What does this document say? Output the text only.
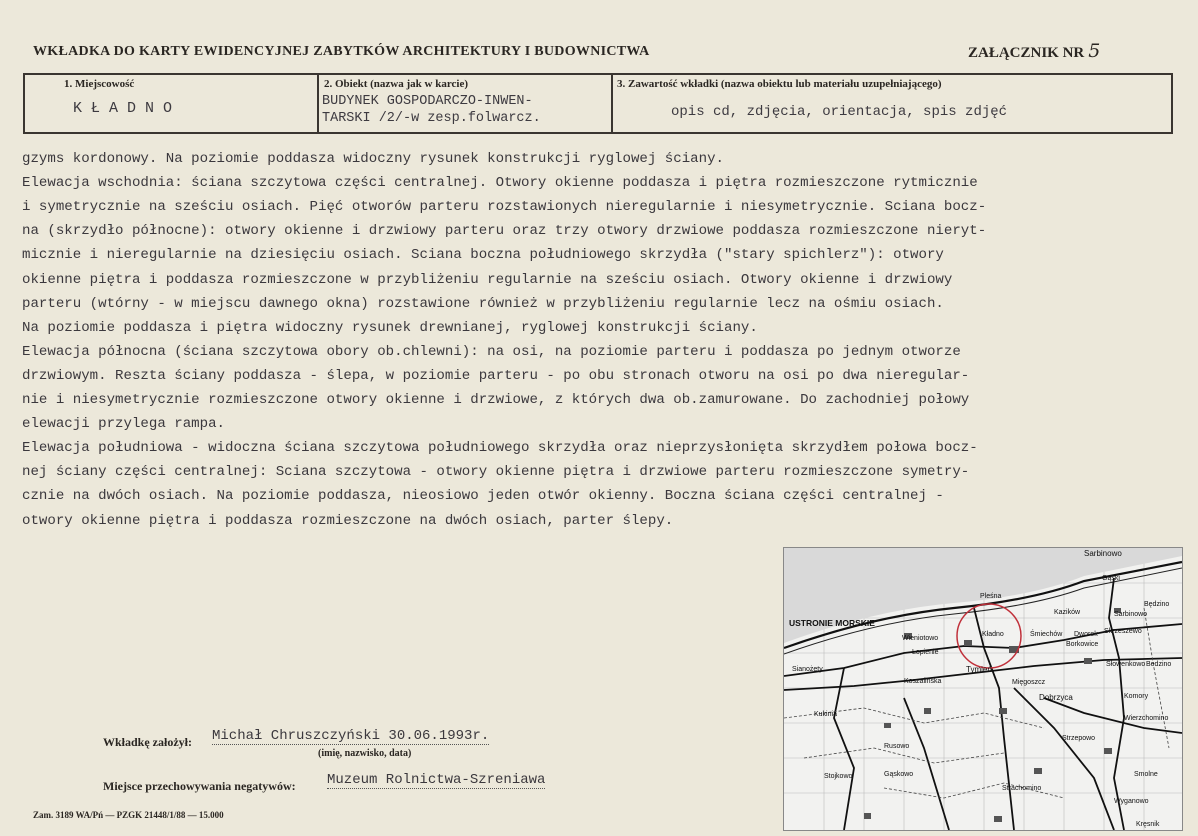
WKŁADKA DO KARTY EWIDENCYJNEJ ZABYTKÓW ARCHITEKTURY I BUDOWNICTWA	ZAŁĄCZNIK NR 5
1. Miejscowość
K Ł A D N O
2. Obiekt (nazwa jak w karcie)
BUDYNEK GOSPODARCZO-INWEN-
TARSKI /2/-w zesp.folwarcz.
3. Zawartość wkładki (nazwa obiektu lub materiału uzupełniającego)
opis cd, zdjęcia, orientacja, spis zdjęć
gzyms kordonowy. Na poziomie poddasza widoczny rysunek konstrukcji ryglowej ściany.
Elewacja wschodnia: ściana szczytowa części centralnej. Otwory okienne poddasza i piętra rozmieszczone rytmicznie
i symetrycznie na sześciu osiach. Pięć otworów parteru rozstawionych nieregularnie i niesymetrycznie. Sciana bocz-
na (skrzydło północne): otwory okienne i drzwiowy parteru oraz trzy otwory drzwiowe poddasza rozmieszczone nieryt-
micznie i nieregularnie na dziesięciu osiach. Sciana boczna południowego skrzydła ("stary spichlerz"): otwory
okienne piętra i poddasza rozmieszczone w przybliżeniu regularnie na sześciu osiach. Otwory okienne i drzwiowy
parteru (wtórny - w miejscu dawnego okna) rozstawione również w przybliżeniu regularnie lecz na ośmiu osiach.
Na poziomie poddasza i piętra widoczny rysunek drewnianej, ryglowej konstrukcji ściany.
Elewacja północna (ściana szczytowa obory ob.chlewni): na osi, na poziomie parteru i poddasza po jednym otworze
drzwiowym. Reszta ściany poddasza - ślepa, w poziomie parteru - po obu stronach otworu na osi po dwa nieregular-
nie i niesymetrycznie rozmieszczone otwory okienne i drzwiowe, z których dwa ob.zamurowane. Do zachodniej połowy
elewacji przylega rampa.
Elewacja południowa - widoczna ściana szczytowa południowego skrzydła oraz nieprzysłonięta skrzydłem połowa bocz-
nej ściany części centralnej: Sciana szczytowa - otwory okienne piętra i drzwiowe parteru rozmieszczone symetry-
cznie na dwóch osiach. Na poziomie poddasza, nieosiowo jeden otwór okienny. Boczna ściana części centralnej -
otwory okienne piętra i poddasza rozmieszczone na dwóch osiach, parter ślepy.
Wkładkę założył: Michał Chruszczyński 30.06.1993r.
(imię, nazwisko, data)
Miejsce przechowywania negatywów: Muzeum Rolnictwa-Szreniawa
Zam. 3189 WA/Pń — PZGK 21448/1/88 — 15.000
Sarbinowo
Gąski
USTRONIE MORSKIE
Pleśna
Sianożęty
Wieniotowo
Łopienie
Kładno	Śmiechów Dworek
Borkowice
Kazików	Sarbinowo
Będzino
Skrzeszewo
Tymień
Słowenkowo Bedzino
Koszalińska	Mięgoszcz
Dobrzyca	Komory
Kukinia
Wierzchomino
Strzepowo
Rusowo
Stojkowo	Gąskowo
Strachomino
Smolne
Wyganowo
Kręsnik
